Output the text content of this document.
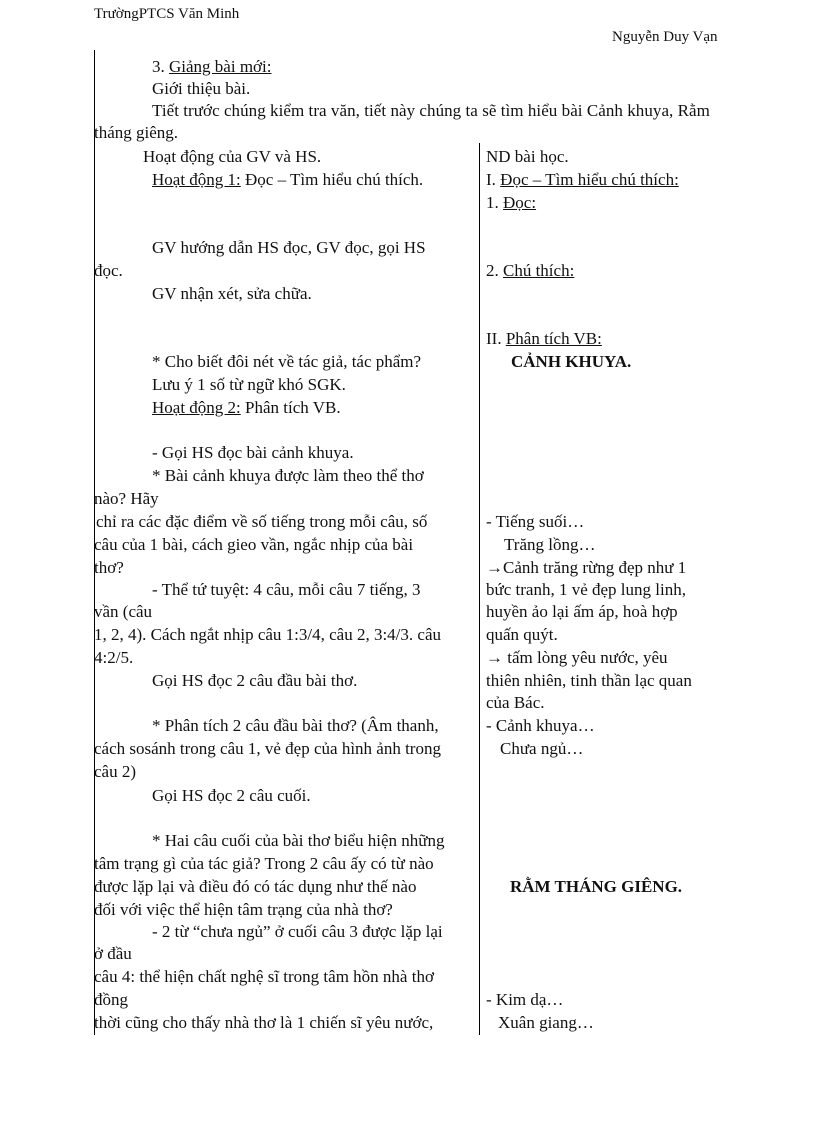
TrườngPTCS Văn Minh
Nguyễn Duy Vạn
3. Giảng bài mới:
Giới thiệu bài.
Tiết trước chúng kiểm tra văn, tiết này chúng ta sẽ tìm hiểu bài Cảnh khuya, Rằm
tháng giêng.
Hoạt động của GV và HS.
Hoạt động 1: Đọc – Tìm hiểu chú thích.
GV hướng dẫn HS đọc, GV đọc, gọi HS
đọc.
GV nhận xét, sửa chữa.
* Cho biết đôi nét về tác giả, tác phẩm?
Lưu ý 1 số từ ngữ khó SGK.
Hoạt động 2: Phân tích VB.
- Gọi HS đọc bài cảnh khuya.
* Bài cảnh khuya được làm theo thể thơ
nào? Hãy
chỉ ra các đặc điểm về số tiếng trong mỗi câu, số
câu của 1 bài, cách gieo vần, ngắc nhịp của bài
thơ?
- Thể tứ tuyệt: 4 câu, mỗi câu 7 tiếng, 3
vần (câu
1, 2, 4). Cách ngắt nhịp câu 1:3/4, câu 2, 3:4/3. câu
4:2/5.
Gọi HS đọc 2 câu đầu bài thơ.
* Phân tích 2 câu đầu bài thơ? (Âm thanh,
cách sosánh trong câu 1, vẻ đẹp của hình ảnh trong
câu 2)
Gọi HS đọc 2 câu cuối.
* Hai câu cuối của bài thơ biểu hiện những
tâm trạng gì của tác giả? Trong 2 câu ấy có từ nào
được lặp lại và điều đó có tác dụng như thế nào
đối với việc thể hiện tâm trạng của nhà thơ?
- 2 từ “chưa ngủ” ở cuối câu 3 được lặp lại
ở đầu
câu 4: thể hiện chất nghệ sĩ trong tâm hồn nhà thơ
đồng
thời cũng cho thấy nhà thơ là 1 chiến sĩ yêu nước,
ND bài học.
I. Đọc – Tìm hiểu chú thích:
1. Đọc:
2. Chú thích:
II. Phân tích VB:
CẢNH KHUYA.
- Tiếng suối…
Trăng lồng…
→Cảnh trăng rừng đẹp như 1
bức tranh, 1 vẻ đẹp lung linh,
huyền ảo lại ấm áp, hoà hợp
quấn quýt.
→ tấm lòng yêu nước, yêu
thiên nhiên, tinh thần lạc quan
của Bác.
- Cảnh khuya…
Chưa ngủ…
RẰM THÁNG GIÊNG.
- Kim dạ…
Xuân giang…
